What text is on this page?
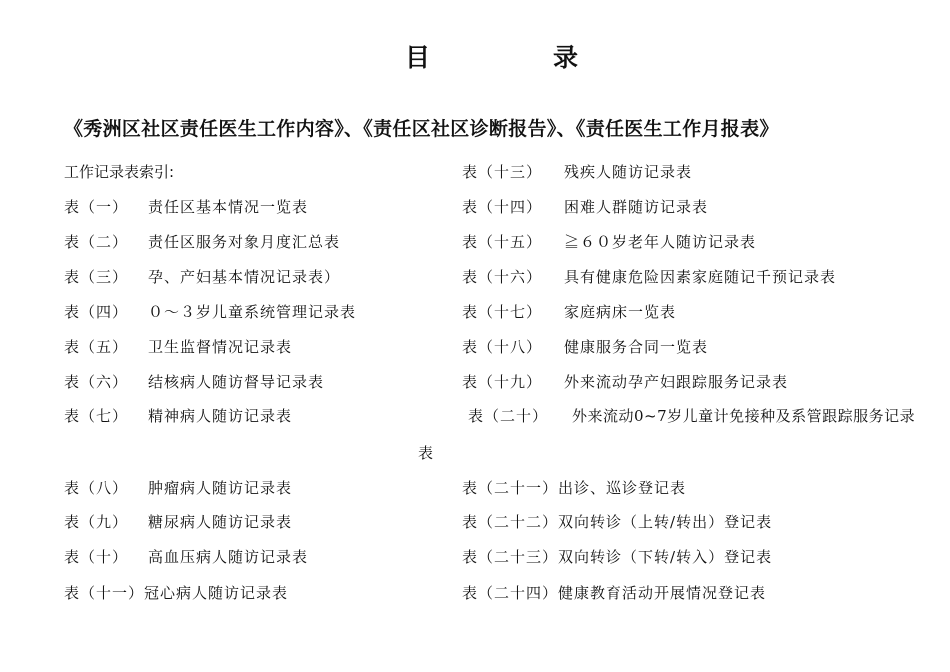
目	录
《秀洲区社区责任医生工作内容》、《责任区社区诊断报告》、《责任医生工作月报表》
工作记录表索引:
表（一） 责任区基本情况一览表
表（二） 责任区服务对象月度汇总表
表（三） 孕、产妇基本情况记录表）
表（四） ０～３岁儿童系统管理记录表
表（五） 卫生监督情况记录表
表（六） 结核病人随访督导记录表
表（七） 精神病人随访记录表
表
表（八） 肿瘤病人随访记录表
表（九） 糖尿病人随访记录表
表（十） 高血压病人随访记录表
表（十一）冠心病人随访记录表
表（十三） 残疾人随访记录表
表（十四） 困难人群随访记录表
表（十五） ≧６０岁老年人随访记录表
表（十六） 具有健康危险因素家庭随记千预记录表
表（十七） 家庭病床一览表
表（十八） 健康服务合同一览表
表（十九） 外来流动孕产妇跟踪服务记录表
表（二十） 外来流动0~7岁儿童计免接种及系管跟踪服务记录
表（二十一）出诊、巡诊登记表
表（二十二）双向转诊（上转/转出）登记表
表（二十三）双向转诊（下转/转入）登记表
表（二十四）健康教育活动开展情况登记表
